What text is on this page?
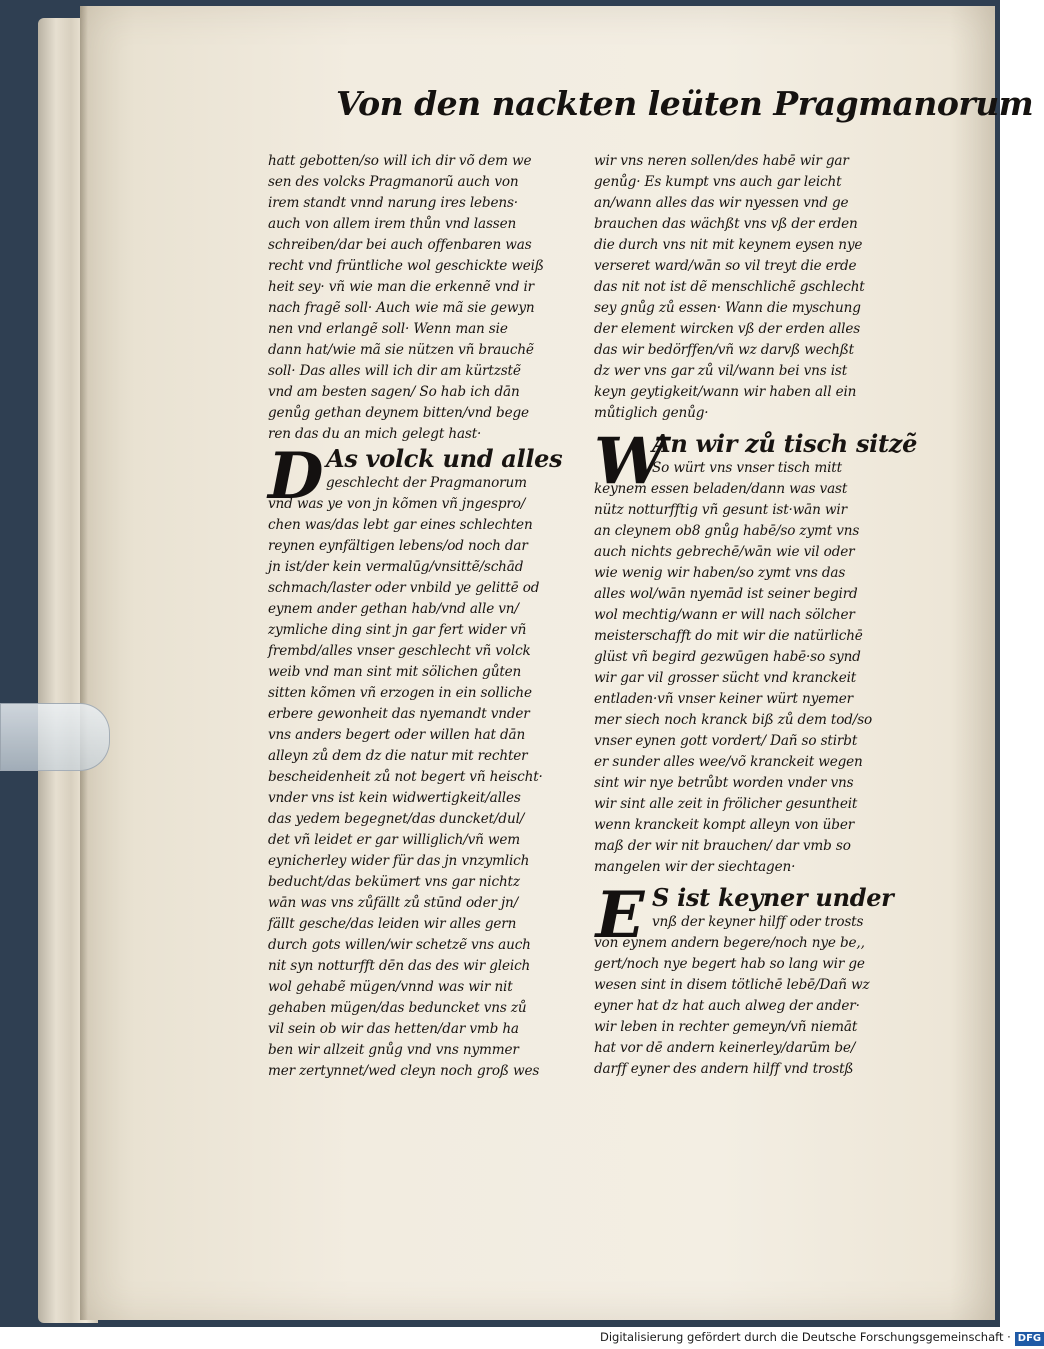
Von den nackten leüten Pragmanorum
hatt gebotten/so will ich dir võ dem we
sen des volcks Pragmanorũ auch von
irem standt vnnd narung ires lebens·
auch von allem irem thůn vnd lassen
schreiben/dar bei auch offenbaren was
recht vnd früntliche wol geschickte weiß
heit sey· vñ wie man die erkennẽ vnd ir
nach fragẽ soll· Auch wie mã sie gewyn
nen vnd erlangẽ soll· Wenn man sie
dann hat/wie mã sie nützen vñ brauchẽ
soll· Das alles will ich dir am kürtzstẽ
vnd am besten sagen/ So hab ich dān
genůg gethan deynem bitten/vnd bege
ren das du an mich gelegt hast·
D As volck und alles
geschlecht der Pragmanorum
vnd was ye von jn kõmen vñ jngespro/
chen was/das lebt gar eines schlechten
reynen eynfältigen lebens/od noch dar
jn ist/der kein vermalūg/vnsittẽ/schād
schmach/laster oder vnbild ye gelittē od
eynem ander gethan hab/vnd alle vn/
zymliche ding sint jn gar fert wider vñ
frembd/alles vnser geschlecht vñ volck
weib vnd man sint mit sölichen gůten
sitten kõmen vñ erzogen in ein solliche
erbere gewonheit das nyemandt vnder
vns anders begert oder willen hat dān
alleyn zů dem dz die natur mit rechter
bescheidenheit zů not begert vñ heischt·
vnder vns ist kein widwertigkeit/alles
das yedem begegnet/das duncket/dul/
det vñ leidet er gar williglich/vñ wem
eynicherley wider für das jn vnzymlich
beducht/das bekümert vns gar nichtz
wān was vns zůfällt zů stūnd oder jn/
fällt gesche/das leiden wir alles gern
durch gots willen/wir schetzẽ vns auch
nit syn notturfft dēn das des wir gleich
wol gehabẽ mügen/vnnd was wir nit
gehaben mügen/das beduncket vns zů
vil sein ob wir das hetten/dar vmb ha
ben wir allzeit gnůg vnd vns nymmer
mer zertynnet/wed cleyn noch groß wes
wir vns neren sollen/des habē wir gar
genůg· Es kumpt vns auch gar leicht
an/wann alles das wir nyessen vnd ge
brauchen das wächßt vns vß der erden
die durch vns nit mit keynem eysen nye
verseret ward/wān so vil treyt die erde
das nit not ist dẽ menschlichẽ gschlecht
sey gnůg zů essen· Wann die myschung
der element wircken vß der erden alles
das wir bedörffen/vñ wz darvß wechßt
dz wer vns gar zů vil/wann bei vns ist
keyn geytigkeit/wann wir haben all ein
můtiglich genůg·
W
An wir zů tisch sitzẽ
So würt vns vnser tisch mitt
keynem essen beladen/dann was vast
nütz notturfftig vñ gesunt ist·wān wir
an cleynem ob8 gnůg habē/so zymt vns
auch nichts gebrechē/wān wie vil oder
wie wenig wir haben/so zymt vns das
alles wol/wān nyemād ist seiner begird
wol mechtig/wann er will nach sölcher
meisterschafft do mit wir die natürlichē
glüst vñ begird gezwūgen habē·so synd
wir gar vil grosser sücht vnd kranckeit
entladen·vñ vnser keiner würt nyemer
mer siech noch kranck biß zů dem tod/so
vnser eynen gott vordert/ Dañ so stirbt
er sunder alles wee/võ kranckeit wegen
sint wir nye betrůbt worden vnder vns
wir sint alle zeit in frölicher gesuntheit
wenn kranckeit kompt alleyn von über
maß der wir nit brauchen/ dar vmb so
mangelen wir der siechtagen·
E S ist keyner under
vnß der keyner hilff oder trosts
von eynem andern begere/noch nye be,,
gert/noch nye begert hab so lang wir ge
wesen sint in disem tötlichē lebē/Dañ wz
eyner hat dz hat auch alweg der ander·
wir leben in rechter gemeyn/vñ niemāt
hat vor dē andern keinerley/darūm be/
darff eyner des andern hilff vnd trostß
Digitalisierung gefördert durch die Deutsche Forschungsgemeinschaft · DFG
